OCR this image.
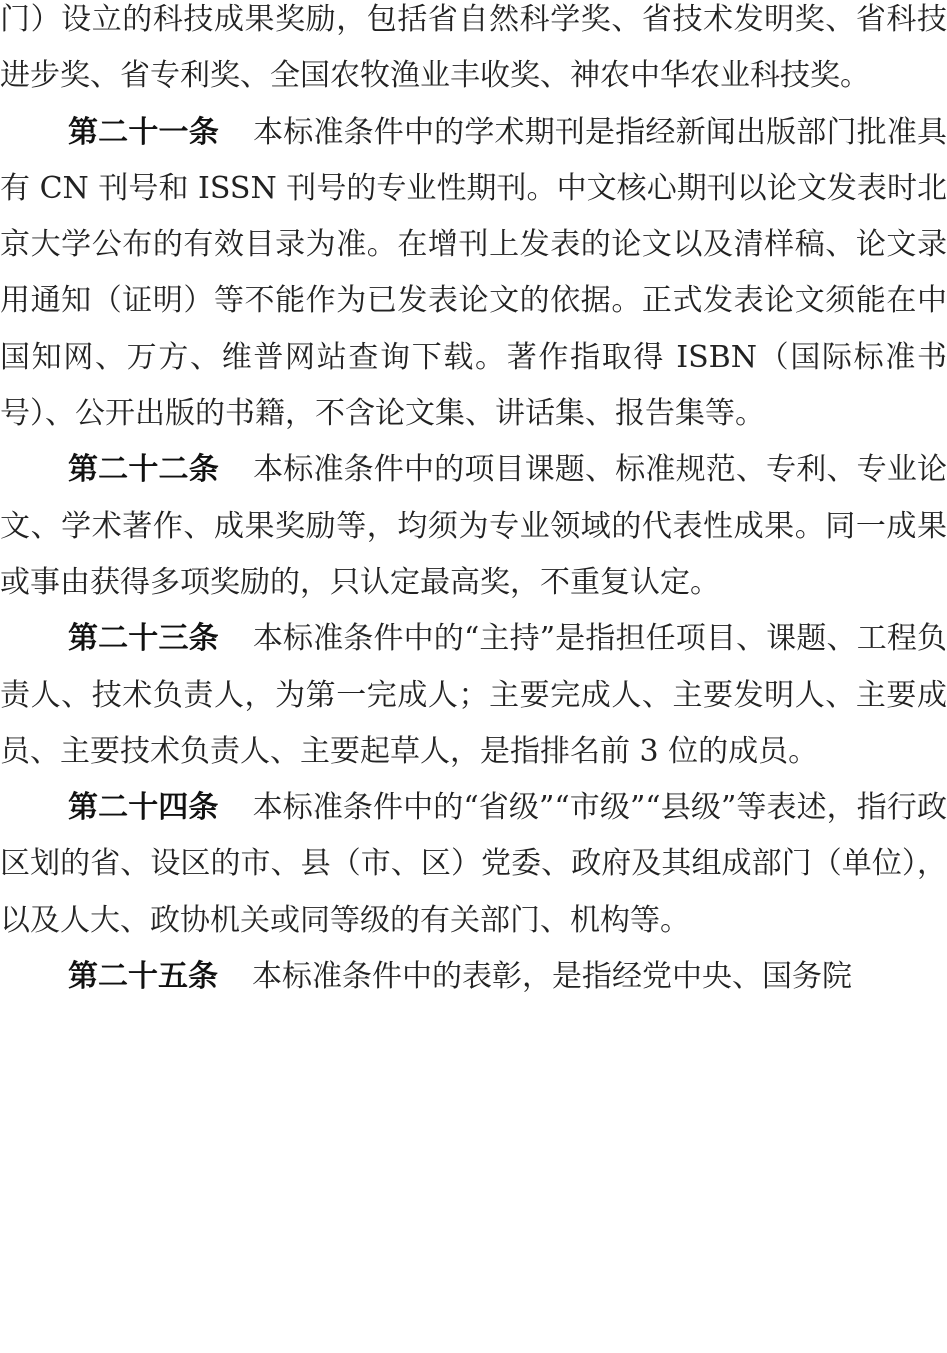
门）设立的科技成果奖励，包括省自然科学奖、省技术发明奖、省科技进步奖、省专利奖、全国农牧渔业丰收奖、神农中华农业科技奖。

第二十一条 本标准条件中的学术期刊是指经新闻出版部门批准具有 CN 刊号和 ISSN 刊号的专业性期刊。中文核心期刊以论文发表时北京大学公布的有效目录为准。在增刊上发表的论文以及清样稿、论文录用通知（证明）等不能作为已发表论文的依据。正式发表论文须能在中国知网、万方、维普网站查询下载。著作指取得 ISBN（国际标准书号）、公开出版的书籍，不含论文集、讲话集、报告集等。

第二十二条 本标准条件中的项目课题、标准规范、专利、专业论文、学术著作、成果奖励等，均须为专业领域的代表性成果。同一成果或事由获得多项奖励的，只认定最高奖，不重复认定。

第二十三条 本标准条件中的“主持”是指担任项目、课题、工程负责人、技术负责人，为第一完成人；主要完成人、主要发明人、主要成员、主要技术负责人、主要起草人，是指排名前 3 位的成员。

第二十四条 本标准条件中的“省级”“市级”“县级”等表述，指行政区划的省、设区的市、县（市、区）党委、政府及其组成部门（单位），以及人大、政协机关或同等级的有关部门、机构等。

第二十五条 本标准条件中的表彰，是指经党中央、国务院
